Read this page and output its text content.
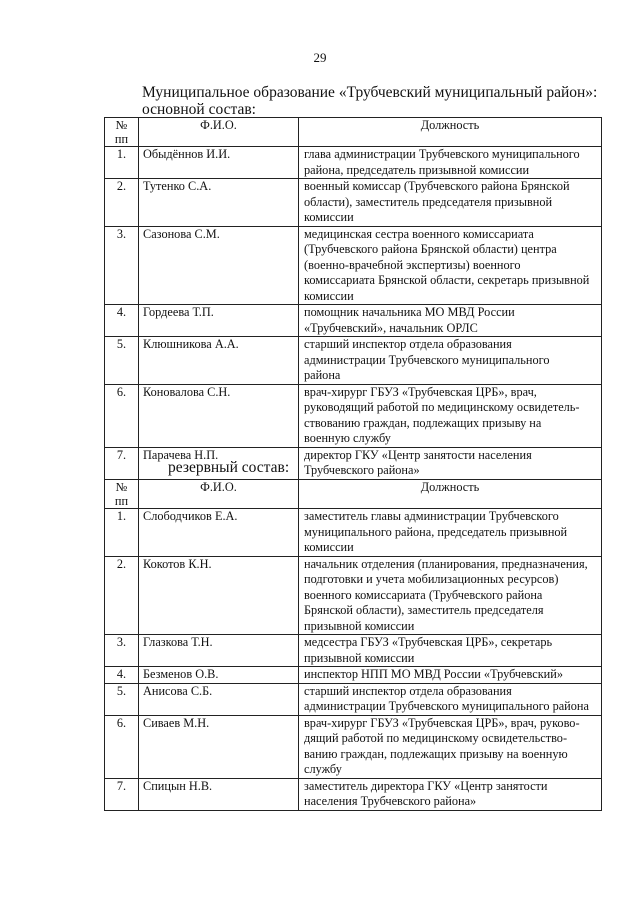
29
Муниципальное образование «Трубчевский муниципальный район»:
основной состав:
№ пп	Ф.И.О.	Должность
1.	Обыдённов И.И.	глава администрации Трубчевского муниципального
района, председатель призывной комиссии

2.	Тутенко С.А.	военный комиссар (Трубчевского района Брянской
области), заместитель председателя призывной
комиссии

3.	Сазонова С.М.	медицинская сестра военного комиссариата
(Трубчевского района Брянской области) центра
(военно-врачебной экспертизы) военного
комиссариата Брянской области, секретарь призывной
комиссии

4.	Гордеева Т.П.	помощник начальника МО МВД России
«Трубчевский», начальник ОРЛС

5.	Клюшникова А.А.	старший инспектор отдела образования
администрации Трубчевского муниципального
района

6.	Коновалова С.Н.	врач-хирург ГБУЗ «Трубчевская ЦРБ», врач,
руководящий работой по медицинскому освидетель-
ствованию граждан, подлежащих призыву на
военную службу

7.	Парачева Н.П.	директор ГКУ «Центр занятости населения
Трубчевского района»
резервный состав:
№ пп	Ф.И.О.	Должность
1.	Слободчиков Е.А.	заместитель главы администрации Трубчевского
муниципального района, председатель призывной
комиссии

2.	Кокотов К.Н.	начальник отделения (планирования, предназначения,
подготовки и учета мобилизационных ресурсов)
военного комиссариата (Трубчевского района
Брянской области), заместитель председателя
призывной комиссии

3.	Глазкова Т.Н.	медсестра ГБУЗ «Трубчевская ЦРБ», секретарь
призывной комиссии

4.	Безменов О.В.	инспектор НПП МО МВД России «Трубчевский»

5.	Анисова С.Б.	старший инспектор отдела образования
администрации Трубчевского муниципального района

6.	Сиваев М.Н.	врач-хирург ГБУЗ «Трубчевская ЦРБ», врач, руково-
дящий работой по медицинскому освидетельство-
ванию граждан, подлежащих призыву на военную
службу

7.	Спицын Н.В.	заместитель директора ГКУ «Центр занятости
населения Трубчевского района»
